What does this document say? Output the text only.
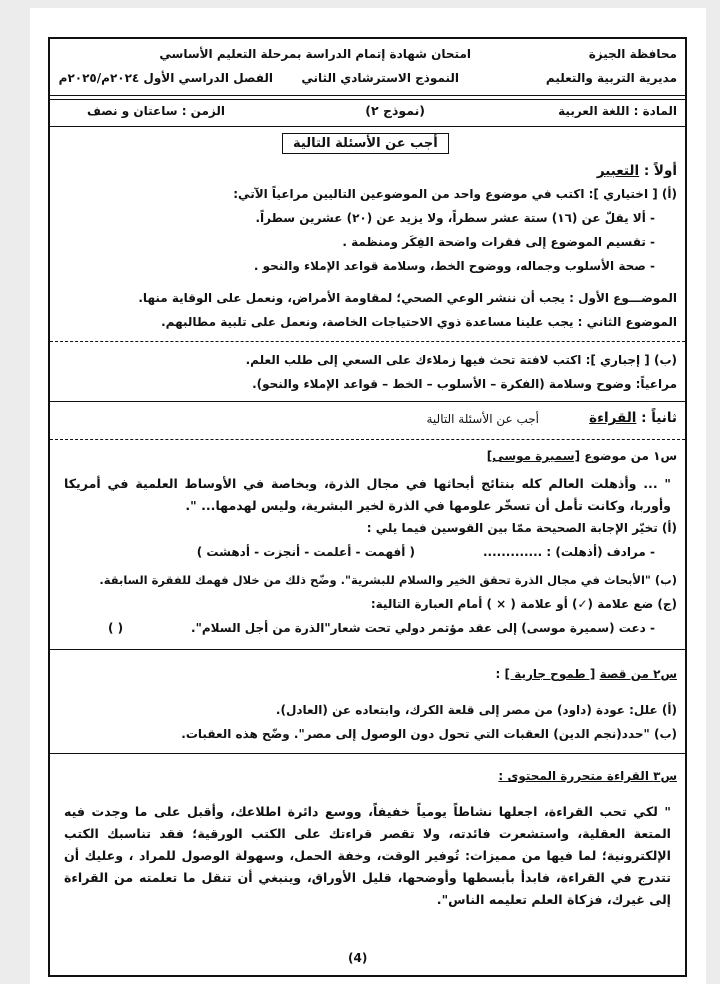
محافظة الجيزة
امتحان شهادة إتمام الدراسة بمرحلة التعليم الأساسي
مديرية التربية والتعليم
النموذج الاسترشادي الثاني
الفصل الدراسي الأول ٢٠٢٤م/٢٠٢٥م
المادة : اللغة العربية
(نموذج ٢)
الزمن : ساعتان و نصف
أجب عن الأسئلة التالية
أولاً : التعبير
(أ) [ اختياري ]: اكتب في موضوع واحد من الموضوعين التاليين مراعياً الآتي:
- ألا يقلّ عن (١٦) ستة عشر سطراً، ولا يزيد عن (٢٠) عشرين سطراً.
- تقسيم الموضوع إلى فقرات واضحة الفِكَر ومنظمة .
- صحة الأسلوب وجماله، ووضوح الخط، وسلامة قواعد الإملاء والنحو .
الموضـــوع الأول : يجب أن ننشر الوعي الصحي؛ لمقاومة الأمراض، ونعمل على الوقاية منها.
الموضوع الثاني : يجب علينا مساعدة ذوي الاحتياجات الخاصة، ونعمل على تلبية مطالبهم.
(ب) [ إجباري ]: اكتب لافتة تحث فيها زملاءك على السعي إلى طلب العلم.
مراعياً: وضوح وسلامة (الفكرة – الأسلوب – الخط – قواعد الإملاء والنحو).
ثانياً : القراءة
أجب عن الأسئلة التالية
س١ من موضوع [سميرة موسى]
" ... وأذهلت العالم كله بنتائج أبحاثها في مجال الذرة، وبخاصة في الأوساط العلمية في أمريكا وأوربا، وكانت تأمل أن تسخّر علومها في الذرة لخير البشرية، وليس لهدمها... ".
(أ) تخيّر الإجابة الصحيحة ممّا بين القوسين فيما يلي :
- مرادف (أذهلت) : .............
( أفهمت - أعلمت - أنجزت - أدهشت )
(ب) "الأبحاث في مجال الذرة تحقق الخير والسلام للبشرية". وضّح ذلك من خلال فهمك للفقرة السابقة.
(ج) ضع علامة (✓) أو علامة ( × ) أمام العبارة التالية:
- دعت (سميرة موسى) إلى عقد مؤتمر دولي تحت شعار"الذرة من أجل السلام".
( )
س٢ من قصة [ طموح جارية ] :
(أ) علل: عودة (داود) من مصر إلى قلعة الكرك، وابتعاده عن (العادل).
(ب) "حدد(نجم الدين) العقبات التي تحول دون الوصول إلى مصر". وضّح هذه العقبات.
س٣ القراءة متحررة المحتوى :
" لكي تحب القراءة، اجعلها نشاطاً يومياً خفيفاً، ووسع دائرة اطلاعك، وأقبل على ما وجدت فيه المتعة العقلية، واستشعرت فائدته، ولا تقصر قراءتك على الكتب الورقية؛ فقد تناسبك الكتب الإلكترونية؛ لما فيها من مميزات: تُوفير الوقت، وخفة الحمل، وسهولة الوصول للمراد ، وعليك أن تتدرج في القراءة، فابدأ بأبسطها وأوضحها، قليل الأوراق، وينبغي أن تنقل ما تعلمته من القراءة إلى غيرك، فزكاة العلم تعليمه الناس".
(4)
